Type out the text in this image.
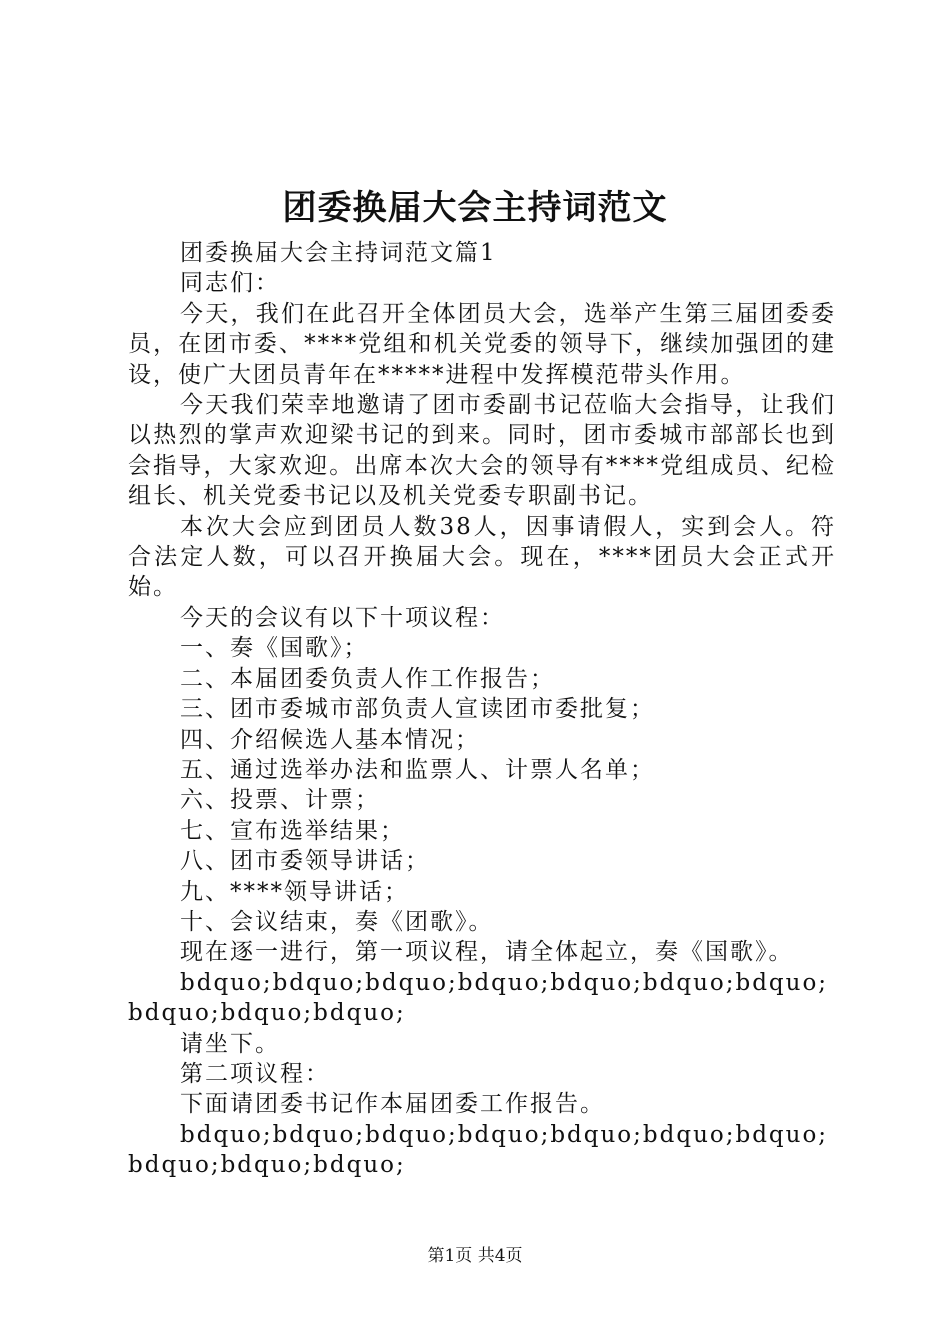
团委换届大会主持词范文

团委换届大会主持词范文篇1

同志们：

今天，我们在此召开全体团员大会，选举产生第三届团委委员，在团市委、****党组和机关党委的领导下，继续加强团的建设，使广大团员青年在*****进程中发挥模范带头作用。

今天我们荣幸地邀请了团市委副书记莅临大会指导，让我们以热烈的掌声欢迎梁书记的到来。同时，团市委城市部部长也到会指导，大家欢迎。出席本次大会的领导有****党组成员、纪检组长、机关党委书记以及机关党委专职副书记。

本次大会应到团员人数38人，因事请假人，实到会人。符合法定人数，可以召开换届大会。现在，****团员大会正式开始。

今天的会议有以下十项议程：

一、奏《国歌》；

二、本届团委负责人作工作报告；

三、团市委城市部负责人宣读团市委批复；

四、介绍候选人基本情况；

五、通过选举办法和监票人、计票人名单；

六、投票、计票；

七、宣布选举结果；

八、团市委领导讲话；

九、****领导讲话；

十、会议结束，奏《团歌》。

现在逐一进行，第一项议程，请全体起立，奏《国歌》。

bdquo;bdquo;bdquo;bdquo;bdquo;bdquo;bdquo;bdquo;bdquo;bdquo;

请坐下。

第二项议程：

下面请团委书记作本届团委工作报告。

bdquo;bdquo;bdquo;bdquo;bdquo;bdquo;bdquo;bdquo;bdquo;bdquo;

第1页 共4页
